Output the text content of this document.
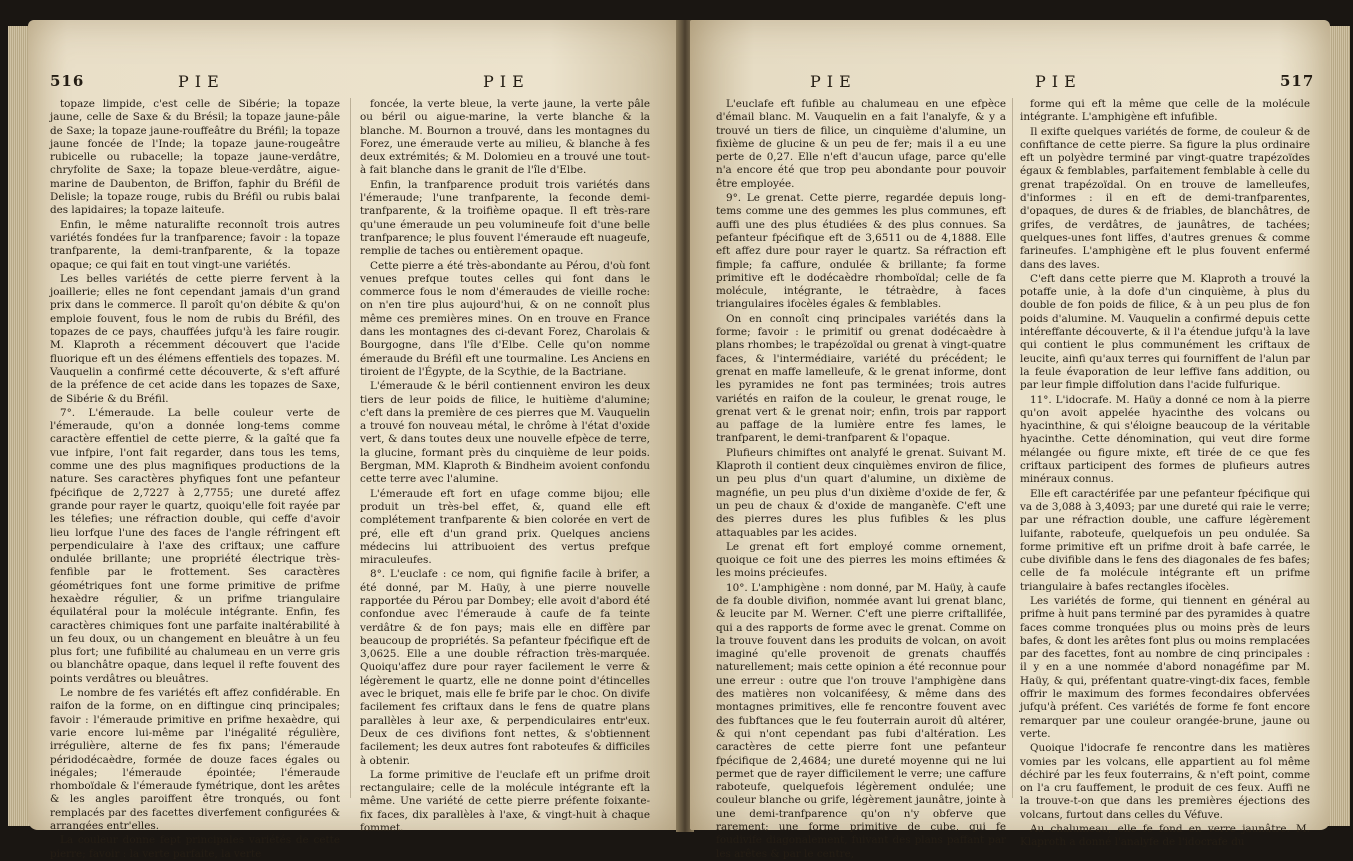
516	PIE	PIE

topaze limpide, c'est celle de Sibérie; la topaze jaune, celle de Saxe & du Brésil; la topaze jaune-pâle de Saxe; la topaze jaune-rouffeâtre du Bréfil; la topaze jaune foncée de l'Inde; la topaze jaune-rougeâtre rubicelle ou rubacelle; la topaze jaune-verdâtre, chryfolite de Saxe; la topaze bleue-verdâtre, aigue-marine de Daubenton, de Briffon, faphir du Bréfil de Delisle; la topaze rouge, rubis du Bréfil ou rubis balai des lapidaires; la topaze laiteufe.

Enfin, le même naturalifte reconnoît trois autres variétés fondées fur la tranfparence; favoir : la topaze tranfparente, la demi-tranfparente, & la topaze opaque; ce qui fait en tout vingt-une variétés.

Les belles variétés de cette pierre fervent à la joaillerie; elles ne font cependant jamais d'un grand prix dans le commerce. Il paroît qu'on débite & qu'on emploie fouvent, fous le nom de rubis du Bréfil, des topazes de ce pays, chauffées jufqu'à les faire rougir. M. Klaproth a récemment découvert que l'acide fluorique eft un des élémens effentiels des topazes. M. Vauquelin a confirmé cette découverte, & s'eft affuré de la préfence de cet acide dans les topazes de Saxe, de Sibérie & du Bréfil.

7°. L'émeraude. La belle couleur verte de l'émeraude, qu'on a donnée long-tems comme caractère effentiel de cette pierre, & la gaîté que fa vue infpire, l'ont fait regarder, dans tous les tems, comme une des plus magnifiques productions de la nature. Ses caractères phyfiques font une pefanteur fpécifique de 2,7227 à 2,7755; une dureté affez grande pour rayer le quartz, quoiqu'elle foit rayée par les télefies; une réfraction double, qui ceffe d'avoir lieu lorfque l'une des faces de l'angle réfringent eft perpendiculaire à l'axe des criftaux; une caffure ondulée brillante; une propriété électrique très-fenfible par le frottement. Ses caractères géométriques font une forme primitive de prifme hexaèdre régulier, & un prifme triangulaire équilatéral pour la molécule intégrante. Enfin, fes caractères chimiques font une parfaite inaltérabilité à un feu doux, ou un changement en bleuâtre à un feu plus fort; une fufibilité au chalumeau en un verre gris ou blanchâtre opaque, dans lequel il refte fouvent des points verdâtres ou bleuâtres.

Le nombre de fes variétés eft affez confidérable. En raifon de la forme, on en diftingue cinq principales; favoir : l'émeraude primitive en prifme hexaèdre, qui varie encore lui-même par l'inégalité régulière, irrégulière, alterne de fes fix pans; l'émeraude péridodécaèdre, formée de douze faces égales ou inégales; l'émeraude épointée; l'émeraude rhomboïdale & l'émeraude fymétrique, dont les arêtes & les angles paroiffent être tronqués, ou font remplacés par des facettes diverfement configurées & arrangées entr'elles.

La couleur donne fept principales variétés de cette pierre; favoir : la verte parfaite, la verte

foncée, la verte bleue, la verte jaune, la verte pâle ou béril ou aigue-marine, la verte blanche & la blanche. M. Bournon a trouvé, dans les montagnes du Forez, une émeraude verte au milieu, & blanche à fes deux extrémités; & M. Dolomieu en a trouvé une tout-à fait blanche dans le granit de l'île d'Elbe.

Enfin, la tranfparence produit trois variétés dans l'émeraude; l'une tranfparente, la feconde demi-tranfparente, & la troifième opaque. Il eft très-rare qu'une émeraude un peu volumineufe foit d'une belle tranfparence; le plus fouvent l'émeraude eft nuageufe, remplie de taches ou entièrement opaque.

Cette pierre a été très-abondante au Pérou, d'où font venues prefque toutes celles qui font dans le commerce fous le nom d'émeraudes de vieille roche: on n'en tire plus aujourd'hui, & on ne connoît plus même ces premières mines. On en trouve en France dans les montagnes des ci-devant Forez, Charolais & Bourgogne, dans l'île d'Elbe. Celle qu'on nomme émeraude du Bréfil eft une tourmaline. Les Anciens en tiroient de l'Égypte, de la Scythie, de la Bactriane.

L'émeraude & le béril contiennent environ les deux tiers de leur poids de filice, le huitième d'alumine; c'eft dans la première de ces pierres que M. Vauquelin a trouvé fon nouveau métal, le chrôme à l'état d'oxide vert, & dans toutes deux une nouvelle efpèce de terre, la glucine, formant près du cinquième de leur poids. Bergman, MM. Klaproth & Bindheim avoient confondu cette terre avec l'alumine.

L'émeraude eft fort en ufage comme bijou; elle produit un très-bel effet, &, quand elle eft complétement tranfparente & bien colorée en vert de pré, elle eft d'un grand prix. Quelques anciens médecins lui attribuoient des vertus prefque miraculeufes.

8°. L'euclafe : ce nom, qui fignifie facile à brifer, a été donné, par M. Haüy, à une pierre nouvelle rapportée du Pérou par Dombey; elle avoit d'abord été confondue avec l'émeraude à caufe de fa teinte verdâtre & de fon pays; mais elle en diffère par beaucoup de propriétés. Sa pefanteur fpécifique eft de 3,0625. Elle a une double réfraction très-marquée. Quoiqu'affez dure pour rayer facilement le verre & légèrement le quartz, elle ne donne point d'étincelles avec le briquet, mais elle fe brife par le choc. On divife facilement fes criftaux dans le fens de quatre plans parallèles à leur axe, & perpendiculaires entr'eux. Deux de ces divifions font nettes, & s'obtiennent facilement; les deux autres font raboteufes & difficiles à obtenir.

La forme primitive de l'euclafe eft un prifme droit rectangulaire; celle de la molécule intégrante eft la même. Une variété de cette pierre préfente foixante-fix faces, dix parallèles à l'axe, & vingt-huit à chaque fommet.

PIE	PIE	517

L'euclafe eft fufible au chalumeau en une efpèce d'émail blanc. M. Vauquelin en a fait l'analyfe, & y a trouvé un tiers de filice, un cinquième d'alumine, un fixième de glucine & un peu de fer; mais il a eu une perte de 0,27. Elle n'eft d'aucun ufage, parce qu'elle n'a encore été que trop peu abondante pour pouvoir être employée.

9°. Le grenat. Cette pierre, regardée depuis long-tems comme une des gemmes les plus communes, eft auffi une des plus étudiées & des plus connues. Sa pefanteur fpécifique eft de 3,6511 ou de 4,1888. Elle eft affez dure pour rayer le quartz. Sa réfraction eft fimple; fa caffure, ondulée & brillante; fa forme primitive eft le dodécaèdre rhomboïdal; celle de fa molécule, intégrante, le tétraèdre, à faces triangulaires ifocèles égales & femblables.

On en connoît cinq principales variétés dans la forme; favoir : le primitif ou grenat dodécaèdre à plans rhombes; le trapézoïdal ou grenat à vingt-quatre faces, & l'intermédiaire, variété du précédent; le grenat en maffe lamelleufe, & le grenat informe, dont les pyramides ne font pas terminées; trois autres variétés en raifon de la couleur, le grenat rouge, le grenat vert & le grenat noir; enfin, trois par rapport au paffage de la lumière entre fes lames, le tranfparent, le demi-tranfparent & l'opaque.

Plufieurs chimiftes ont analyfé le grenat. Suivant M. Klaproth il contient deux cinquièmes environ de filice, un peu plus d'un quart d'alumine, un dixième de magnéfie, un peu plus d'un dixième d'oxide de fer, & un peu de chaux & d'oxide de manganèfe. C'eft une des pierres dures les plus fufibles & les plus attaquables par les acides.

Le grenat eft fort employé comme ornement, quoique ce foit une des pierres les moins eftimées & les moins précieufes.

10°. L'amphigène : nom donné, par M. Haüy, à caufe de fa double divifion, nommée avant lui grenat blanc, & leucite par M. Werner. C'eft une pierre criftallifée, qui a des rapports de forme avec le grenat. Comme on la trouve fouvent dans les produits de volcan, on avoit imaginé qu'elle provenoit de grenats chauffés naturellement; mais cette opinion a été reconnue pour une erreur : outre que l'on trouve l'amphigène dans des matières non volcaniféesy, & même dans des montagnes primitives, elle fe rencontre fouvent avec des fubftances que le feu fouterrain auroit dû altérer, & qui n'ont cependant pas fubi d'altération. Les caractères de cette pierre font une pefanteur fpécifique de 2,4684; une dureté moyenne qui ne lui permet que de rayer difficilement le verre; une caffure raboteufe, quelquefois légèrement ondulée; une couleur blanche ou grife, légèrement jaunâtre, jointe à une demi-tranfparence qu'on n'y obferve que rarement; une forme primitive de cube, qui fe foudivife diagonalement, fuivant des plans paffant par les arêtes & par le centre,

forme qui eft la même que celle de la molécule intégrante. L'amphigène eft infufible.

Il exifte quelques variétés de forme, de couleur & de confiftance de cette pierre. Sa figure la plus ordinaire eft un polyèdre terminé par vingt-quatre trapézoïdes égaux & femblables, parfaitement femblable à celle du grenat trapézoïdal. On en trouve de lamelleufes, d'informes : il en eft de demi-tranfparentes, d'opaques, de dures & de friables, de blanchâtres, de grifes, de verdâtres, de jaunâtres, de tachées; quelques-unes font liffes, d'autres grenues & comme farineufes. L'amphigène eft le plus fouvent enfermé dans des laves.

C'eft dans cette pierre que M. Klaproth a trouvé la potaffe unie, à la dofe d'un cinquième, à plus du double de fon poids de filice, & à un peu plus de fon poids d'alumine. M. Vauquelin a confirmé depuis cette intéreffante découverte, & il l'a étendue jufqu'à la lave qui contient le plus communément les criftaux de leucite, ainfi qu'aux terres qui fourniffent de l'alun par la feule évaporation de leur leffive fans addition, ou par leur fimple diffolution dans l'acide fulfurique.

11°. L'idocrafe. M. Haüy a donné ce nom à la pierre qu'on avoit appelée hyacinthe des volcans ou hyacinthine, & qui s'éloigne beaucoup de la véritable hyacinthe. Cette dénomination, qui veut dire forme mélangée ou figure mixte, eft tirée de ce que fes criftaux participent des formes de plufieurs autres minéraux connus.

Elle eft caractérifée par une pefanteur fpécifique qui va de 3,088 à 3,4093; par une dureté qui raie le verre; par une réfraction double, une caffure légèrement luifante, raboteufe, quelquefois un peu ondulée. Sa forme primitive eft un prifme droit à bafe carrée, le cube divifible dans le fens des diagonales de fes bafes; celle de fa molécule intégrante eft un prifme triangulaire à bafes rectangles ifocèles.

Les variétés de forme, qui tiennent en général au prifme à huit pans terminé par des pyramides à quatre faces comme tronquées plus ou moins près de leurs bafes, & dont les arêtes font plus ou moins remplacées par des facettes, font au nombre de cinq principales : il y en a une nommée d'abord nonagéfime par M. Haüy, & qui, préfentant quatre-vingt-dix faces, femble offrir le maximum des formes fecondaires obfervées jufqu'à préfent. Ces variétés de forme fe font encore remarquer par une couleur orangée-brune, jaune ou verte.

Quoique l'idocrafe fe rencontre dans les matières vomies par les volcans, elle appartient au fol même déchiré par les feux fouterrains, & n'eft point, comme on l'a cru fauffement, le produit de ces feux. Auffi ne la trouve-t-on que dans les premières éjections des volcans, furtout dans celles du Véfuve.

Au chalumeau, elle fe fond en verre jaunâtre. M. Klaproth a donné l'analyfe de l'idocrafe du
